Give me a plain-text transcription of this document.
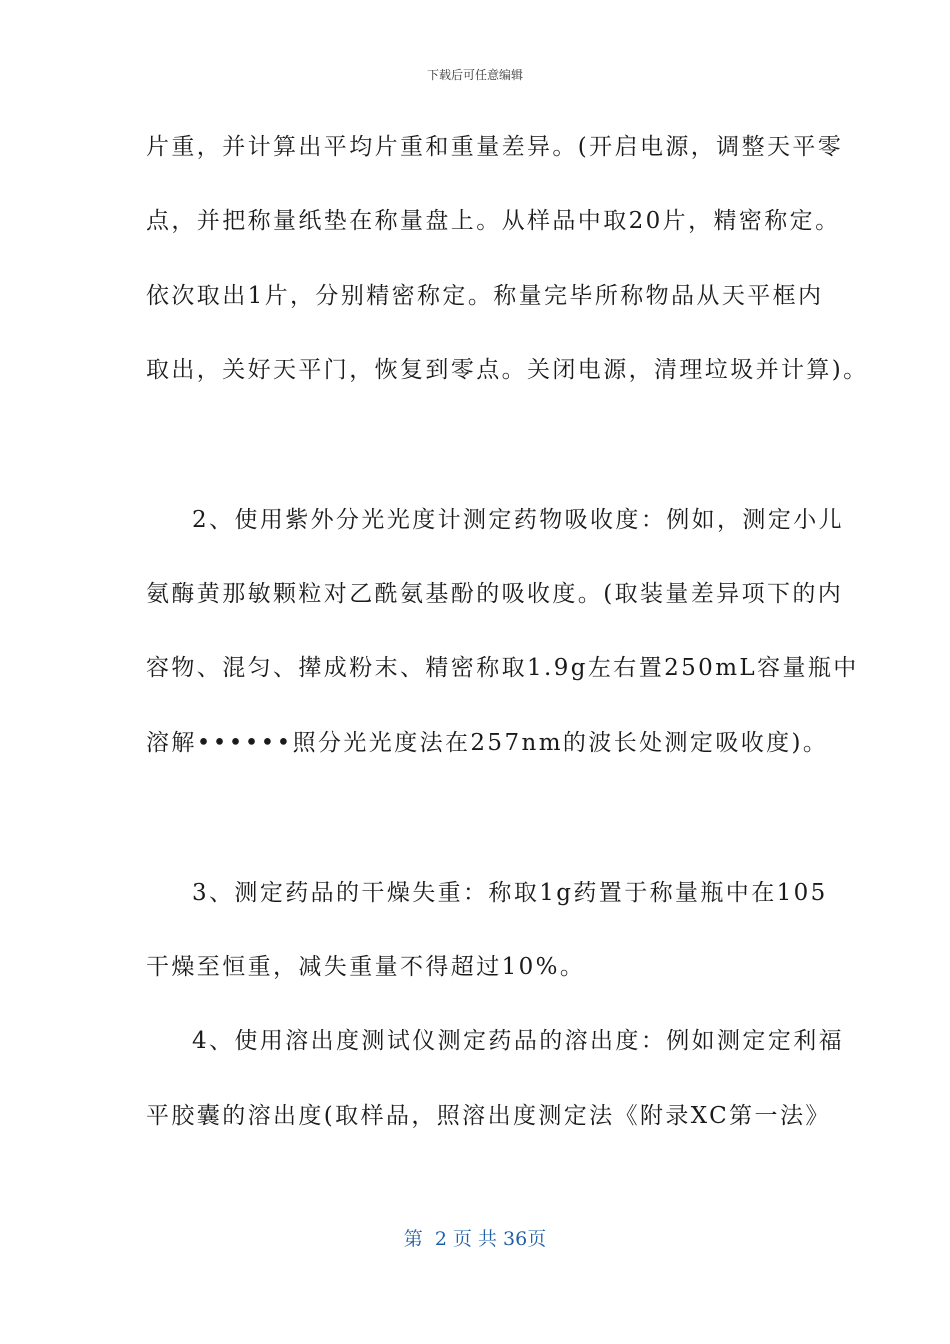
下载后可任意编辑
片重，并计算出平均片重和重量差异。(开启电源，调整天平零
点，并把称量纸垫在称量盘上。从样品中取20片，精密称定。
依次取出1片，分别精密称定。称量完毕所称物品从天平框内
取出，关好天平门，恢复到零点。关闭电源，清理垃圾并计算)。
2、使用紫外分光光度计测定药物吸收度：例如，测定小儿
氨酶黄那敏颗粒对乙酰氨基酚的吸收度。(取装量差异项下的内
容物、混匀、撵成粉末、精密称取1.9g左右置250mL容量瓶中
溶解••••••照分光光度法在257nm的波长处测定吸收度)。
3、测定药品的干燥失重：称取1g药置于称量瓶中在105
干燥至恒重，减失重量不得超过10%。
4、使用溶出度测试仪测定药品的溶出度：例如测定定利福
平胶囊的溶出度(取样品，照溶出度测定法《附录XC第一法》
第  2 页 共 36页
